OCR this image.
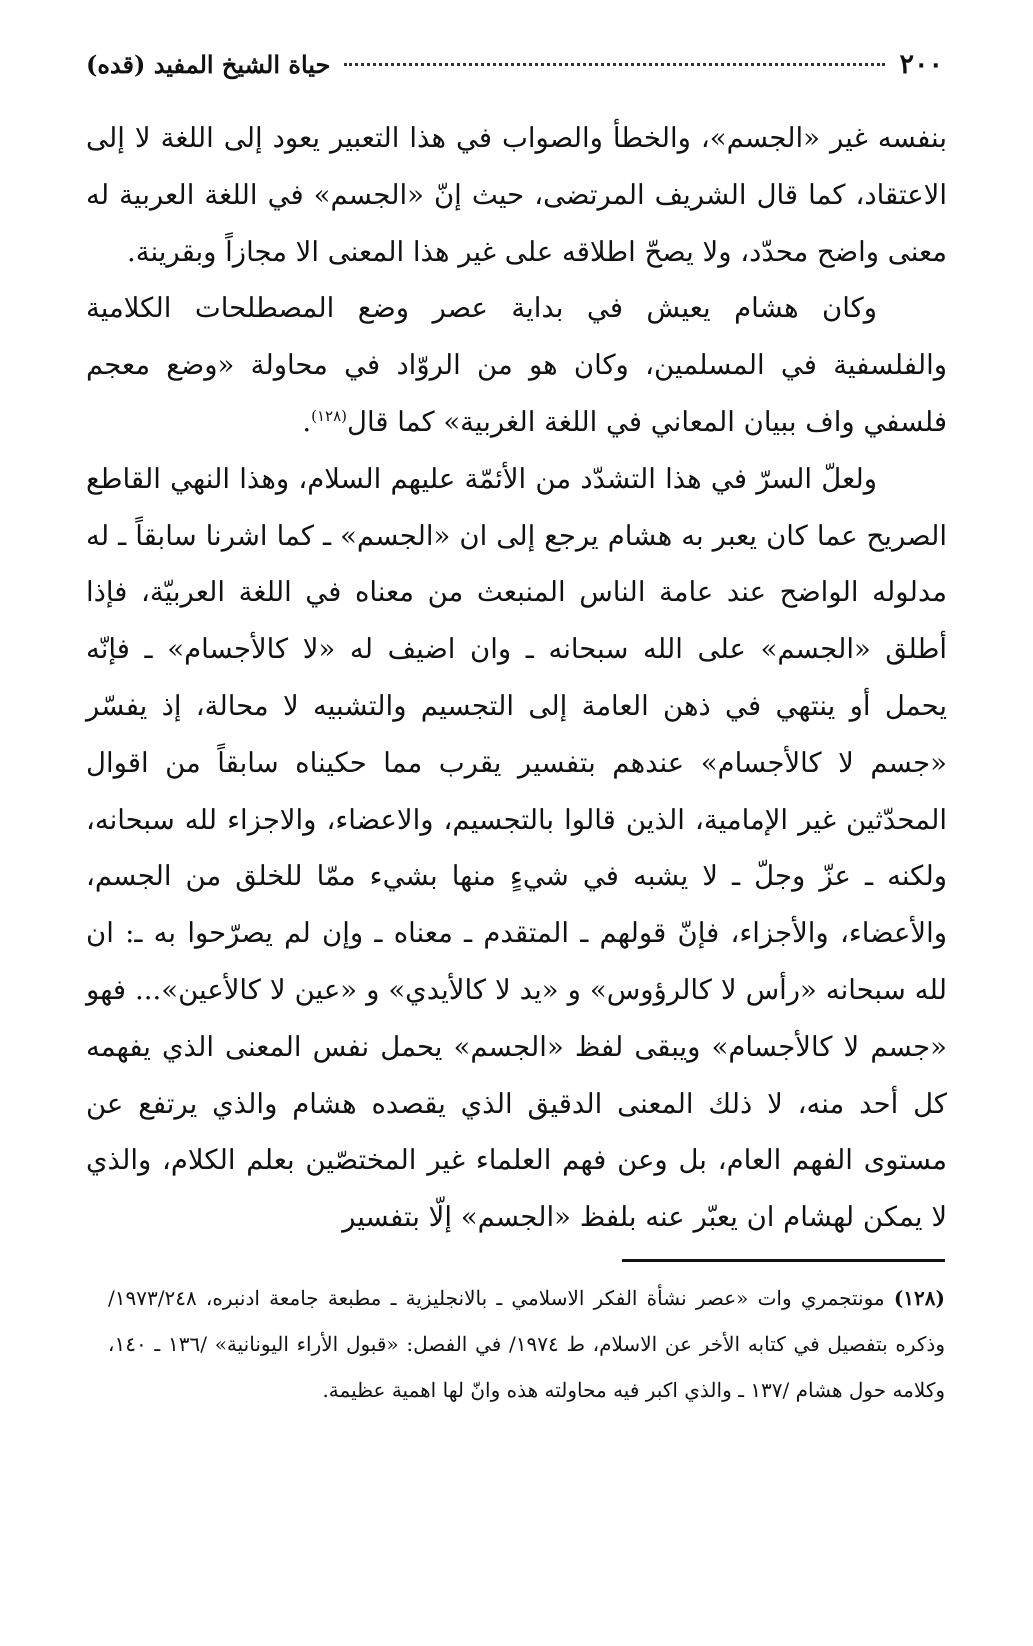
٢٠٠
حياة الشيخ المفيد (قده)

بنفسه غير «الجسم»، والخطأ والصواب في هذا التعبير يعود إلى اللغة لا إلى الاعتقاد، كما قال الشريف المرتضى، حيث إنّ «الجسم» في اللغة العربية له معنى واضح محدّد، ولا يصحّ اطلاقه على غير هذا المعنى الا مجازاً وبقرينة.

وكان هشام يعيش في بداية عصر وضع المصطلحات الكلامية والفلسفية في المسلمين، وكان هو من الروّاد في محاولة «وضع معجم فلسفي واف ببيان المعاني في اللغة الغربية» كما قال$^{(١٢٨)}$.

ولعلّ السرّ في هذا التشدّد من الأئمّة عليهم السلام، وهذا النهي القاطع الصريح عما كان يعبر به هشام يرجع إلى ان «الجسم» ـ كما اشرنا سابقاً ـ له مدلوله الواضح عند عامة الناس المنبعث من معناه في اللغة العربيّة، فإذا أطلق «الجسم» على الله سبحانه ـ وان اضيف له «لا كالأجسام» ـ فإنّه يحمل أو ينتهي في ذهن العامة إلى التجسيم والتشبيه لا محالة، إذ يفسّر «جسم لا كالأجسام» عندهم بتفسير يقرب مما حكيناه سابقاً من اقوال المحدّثين غير الإمامية، الذين قالوا بالتجسيم، والاعضاء، والاجزاء لله سبحانه، ولكنه ـ عزّ وجلّ ـ لا يشبه في شيءٍ منها بشيء ممّا للخلق من الجسم، والأعضاء، والأجزاء، فإنّ قولهم ـ المتقدم ـ معناه ـ وإن لم يصرّحوا به ـ: ان لله سبحانه «رأس لا كالرؤوس» و «يد لا كالأيدي» و «عين لا كالأعين»... فهو «جسم لا كالأجسام» ويبقى لفظ «الجسم» يحمل نفس المعنى الذي يفهمه كل أحد منه، لا ذلك المعنى الدقيق الذي يقصده هشام والذي يرتفع عن مستوى الفهم العام، بل وعن فهم العلماء غير المختصّين بعلم الكلام، والذي لا يمكن لهشام ان يعبّر عنه بلفظ «الجسم» إلّا بتفسير

(١٢٨) مونتجمري وات «عصر نشأة الفكر الاسلامي ـ بالانجليزية ـ مطبعة جامعة ادنبره، ١٩٧٣/٢٤٨/ وذكره بتفصيل في كتابه الأخر عن الاسلام، ط ١٩٧٤/ في الفصل: «قبول الأراء اليونانية» /١٣٦ ـ ١٤٠، وكلامه حول هشام /١٣٧ ـ والذي اكبر فيه محاولته هذه وانّ لها اهمية عظيمة.
